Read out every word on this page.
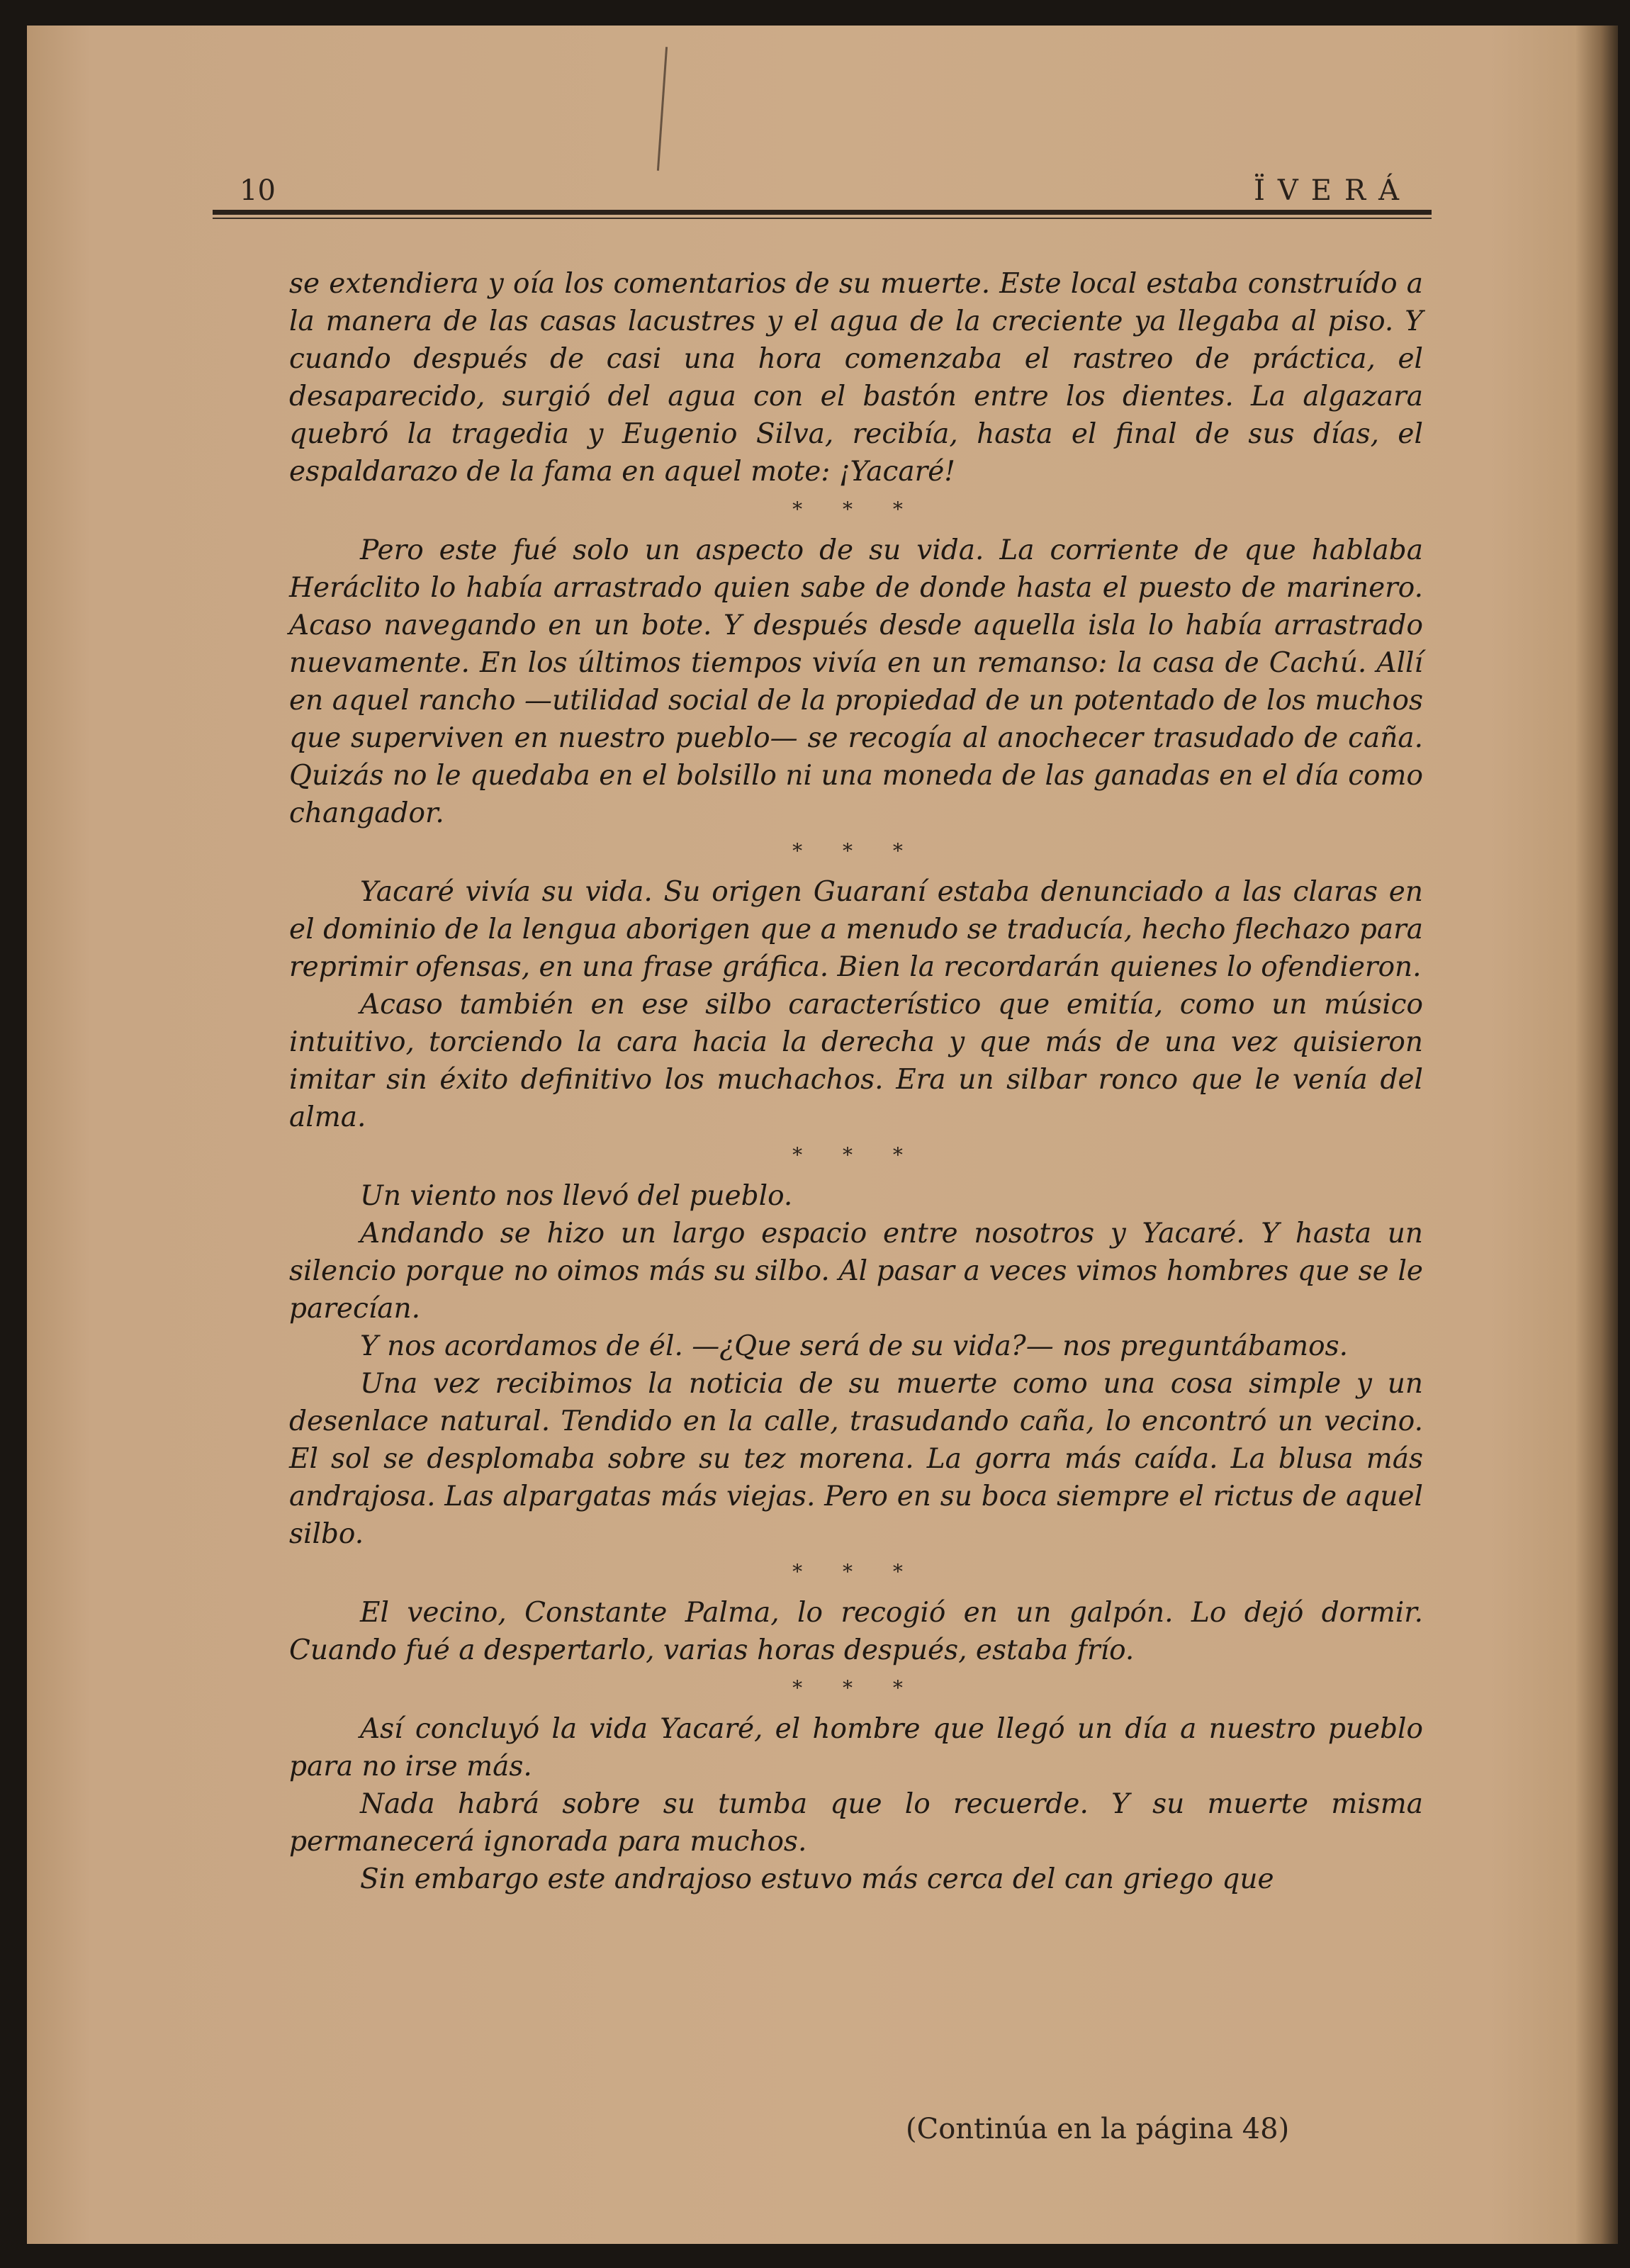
10	ÏVERÁ

se extendiera y oía los comentarios de su muerte. Este local estaba construído a la manera de las casas lacustres y el agua de la creciente ya llegaba al piso. Y cuando después de casi una hora comenzaba el rastreo de práctica, el desaparecido, surgió del agua con el bastón entre los dientes. La algazara quebró la tragedia y Eugenio Silva, recibía, hasta el final de sus días, el espaldarazo de la fama en aquel mote: ¡Yacaré!

* * *

Pero este fué solo un aspecto de su vida. La corriente de que hablaba Heráclito lo había arrastrado quien sabe de donde hasta el puesto de marinero. Acaso navegando en un bote. Y después desde aquella isla lo había arrastrado nuevamente. En los últimos tiempos vivía en un remanso: la casa de Cachú. Allí en aquel rancho —utilidad social de la propiedad de un potentado de los muchos que superviven en nuestro pueblo— se recogía al anochecer trasudado de caña. Quizás no le quedaba en el bolsillo ni una moneda de las ganadas en el día como changador.

* * *

Yacaré vivía su vida. Su origen Guaraní estaba denunciado a las claras en el dominio de la lengua aborigen que a menudo se traducía, hecho flechazo para reprimir ofensas, en una frase gráfica. Bien la recordarán quienes lo ofendieron.

Acaso también en ese silbo característico que emitía, como un músico intuitivo, torciendo la cara hacia la derecha y que más de una vez quisieron imitar sin éxito definitivo los muchachos. Era un silbar ronco que le venía del alma.

* * *

Un viento nos llevó del pueblo.

Andando se hizo un largo espacio entre nosotros y Yacaré. Y hasta un silencio porque no oimos más su silbo. Al pasar a veces vimos hombres que se le parecían.

Y nos acordamos de él. —¿Que será de su vida?— nos preguntábamos.

Una vez recibimos la noticia de su muerte como una cosa simple y un desenlace natural. Tendido en la calle, trasudando caña, lo encontró un vecino. El sol se desplomaba sobre su tez morena. La gorra más caída. La blusa más andrajosa. Las alpargatas más viejas. Pero en su boca siempre el rictus de aquel silbo.

* * *

El vecino, Constante Palma, lo recogió en un galpón. Lo dejó dormir. Cuando fué a despertarlo, varias horas después, estaba frío.

* * *

Así concluyó la vida Yacaré, el hombre que llegó un día a nuestro pueblo para no irse más.

Nada habrá sobre su tumba que lo recuerde. Y su muerte misma permanecerá ignorada para muchos.

Sin embargo este andrajoso estuvo más cerca del can griego que

(Continúa en la página 48)
